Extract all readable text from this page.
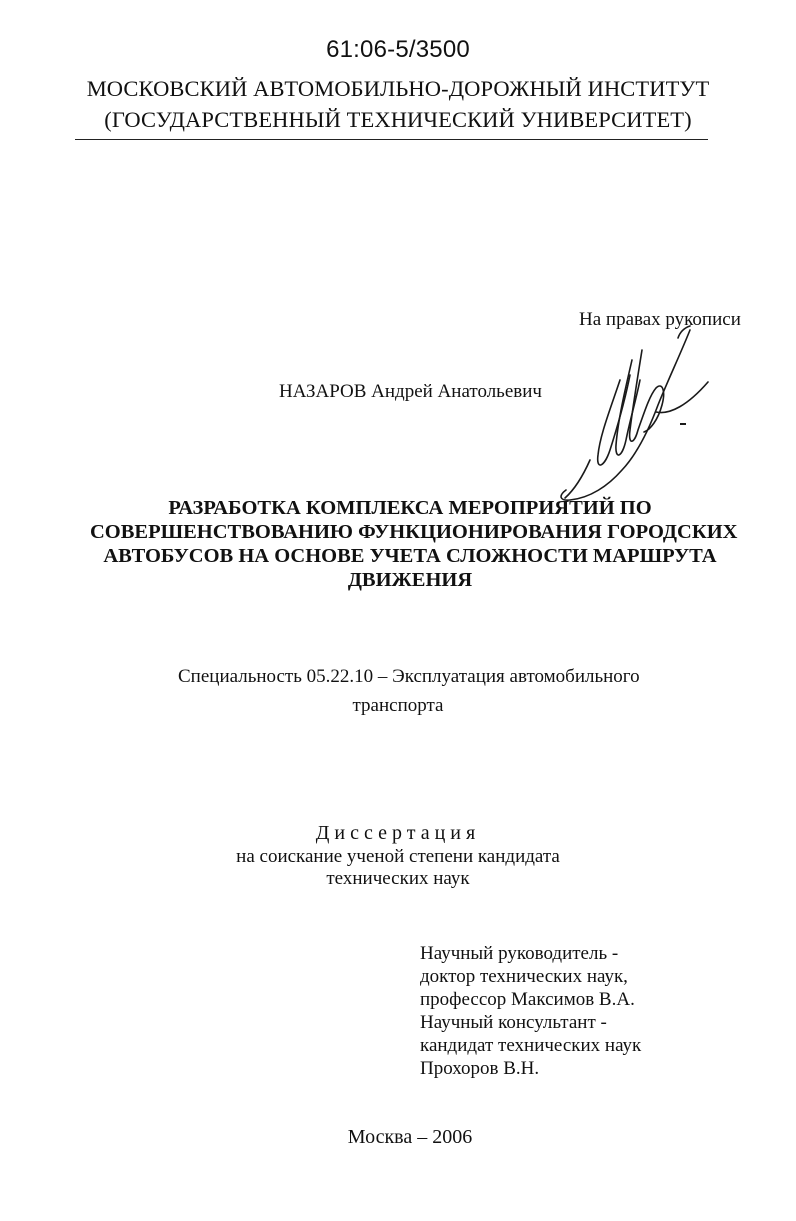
61:06-5/3500
МОСКОВСКИЙ АВТОМОБИЛЬНО-ДОРОЖНЫЙ ИНСТИТУТ
(ГОСУДАРСТВЕННЫЙ ТЕХНИЧЕСКИЙ УНИВЕРСИТЕТ)
На правах рукописи
НАЗАРОВ Андрей Анатольевич
РАЗРАБОТКА КОМПЛЕКСА МЕРОПРИЯТИЙ ПО
СОВЕРШЕНСТВОВАНИЮ ФУНКЦИОНИРОВАНИЯ ГОРОДСКИХ
АВТОБУСОВ НА ОСНОВЕ УЧЕТА СЛОЖНОСТИ МАРШРУТА
ДВИЖЕНИЯ
Специальность 05.22.10 – Эксплуатация автомобильного
транспорта
Диссертация
на соискание ученой степени кандидата
технических наук
Научный руководитель -
доктор технических наук,
профессор Максимов В.А.
Научный консультант -
кандидат технических наук
Прохоров В.Н.
Москва – 2006
